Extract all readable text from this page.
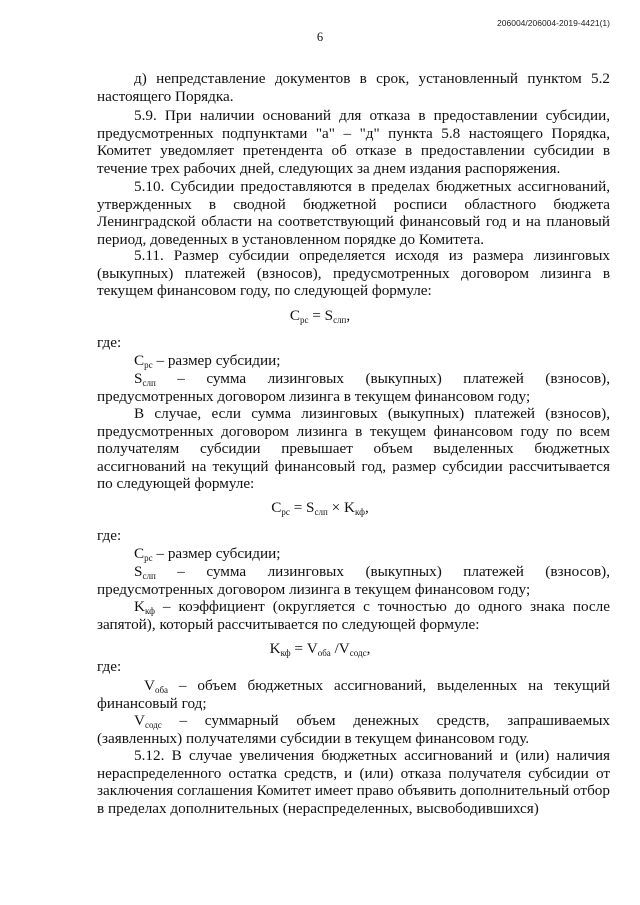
206004/206004-2019-4421(1)
6

д) непредставление документов в срок, установленный пунктом 5.2 настоящего Порядка.

5.9. При наличии оснований для отказа в предоставлении субсидии, предусмотренных подпунктами "а" – "д" пункта 5.8 настоящего Порядка, Комитет уведомляет претендента об отказе в предоставлении субсидии в течение трех рабочих дней, следующих за днем издания распоряжения.

5.10. Субсидии предоставляются в пределах бюджетных ассигнований, утвержденных в сводной бюджетной росписи областного бюджета Ленинградской области на соответствующий финансовый год и на плановый период, доведенных в установленном порядке до Комитета.

5.11. Размер субсидии определяется исходя из размера лизинговых (выкупных) платежей (взносов), предусмотренных договором лизинга в текущем финансовом году, по следующей формуле:

$C_{рс} = S_{слп}$,
где:

$C_{рс}$ – размер субсидии;

$S_{слп}$ – сумма лизинговых (выкупных) платежей (взносов), предусмотренных договором лизинга в текущем финансовом году;

В случае, если сумма лизинговых (выкупных) платежей (взносов), предусмотренных договором лизинга в текущем финансовом году по всем получателям субсидии превышает объем выделенных бюджетных ассигнований на текущий финансовый год, размер субсидии рассчитывается по следующей формуле:

$C_{рс} = S_{слп} \times K_{кф}$,
где:

$C_{рс}$ – размер субсидии;

$S_{слп}$ – сумма лизинговых (выкупных) платежей (взносов), предусмотренных договором лизинга в текущем финансовом году;

$K_{кф}$ – коэффициент (округляется с точностью до одного знака после запятой), который рассчитывается по следующей формуле:

$K_{кф} = V_{оба}$ $/V_{содс}$,
где:

$V_{оба}$ – объем бюджетных ассигнований, выделенных на текущий финансовый год;

$V_{содс}$ – суммарный объем денежных средств, запрашиваемых (заявленных) получателями субсидии в текущем финансовом году.

5.12. В случае увеличения бюджетных ассигнований и (или) наличия нераспределенного остатка средств, и (или) отказа получателя субсидии от заключения соглашения Комитет имеет право объявить дополнительный отбор в пределах дополнительных (нераспределенных, высвободившихся)
